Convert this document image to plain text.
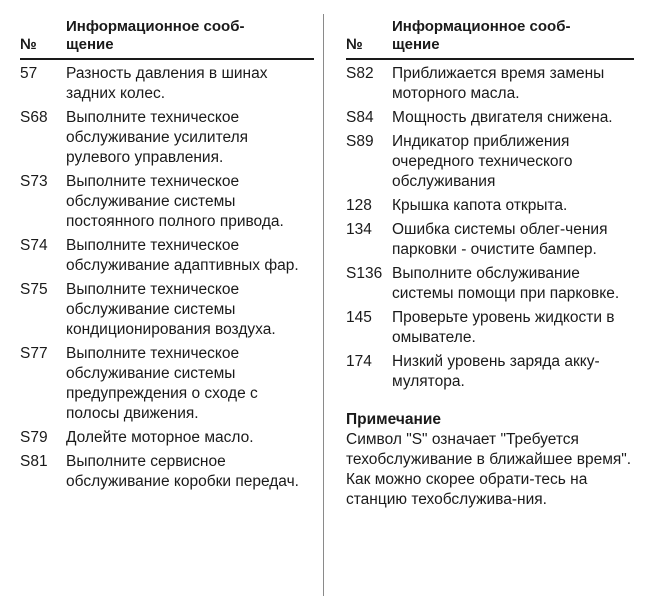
№
Информационное сооб-
щение
57	Разность давления в шинах задних колес.
S68	Выполните техническое обслуживание усилителя рулевого управления.
S73	Выполните техническое обслуживание системы постоянного полного привода.
S74	Выполните техническое обслуживание адаптивных фар.
S75	Выполните техническое обслуживание системы кондиционирования воздуха.
S77	Выполните техническое обслуживание системы предупреждения о сходе с полосы движения.
S79	Долейте моторное масло.
S81	Выполните сервисное обслуживание коробки передач.
№
Информационное сооб-
щение
S82	Приближается время замены моторного масла.
S84	Мощность двигателя снижена.
S89	Индикатор приближения очередного технического обслуживания
128	Крышка капота открыта.
134	Ошибка системы облег-чения парковки - очистите бампер.
S136 Выполните обслуживание системы помощи при парковке.
145	Проверьте уровень жидкости в омывателе.
174	Низкий уровень заряда акку-мулятора.
Примечание
Символ "S" означает "Требуется техобслуживание в ближайшее время". Как можно скорее обрати-тесь на станцию техобслужива-ния.
